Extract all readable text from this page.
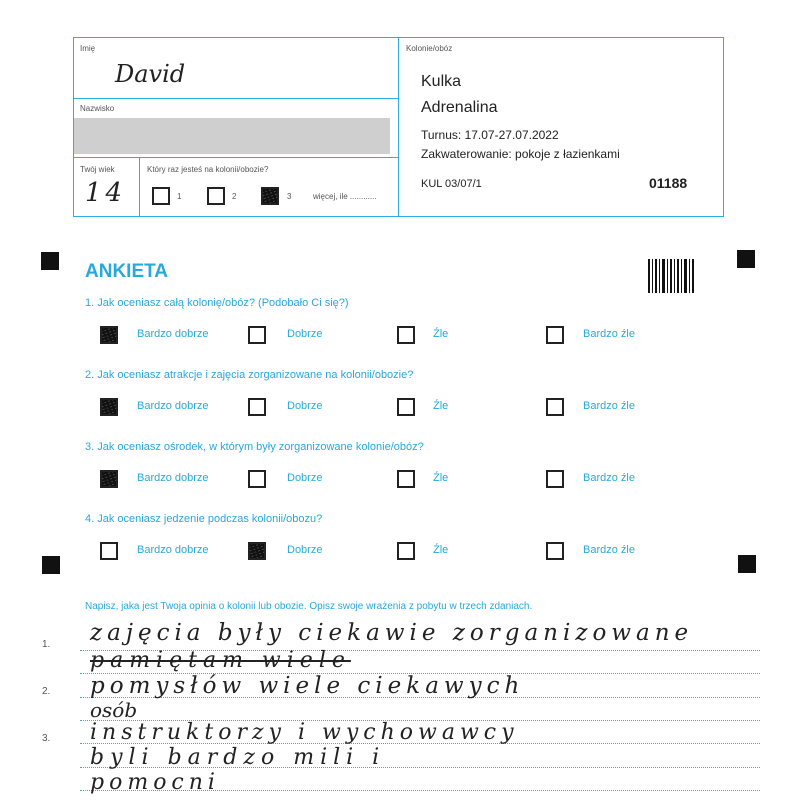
Imię
David
Nazwisko
Twój wiek
14
Który raz jesteś na kolonii/obozie?
1	2	3	więcej, ile ............
Kolonie/obóz
Kulka
Adrenalina
Turnus: 17.07-27.07.2022
Zakwaterowanie: pokoje z łazienkami
KUL 03/07/1	01188
ANKIETA
1. Jak oceniasz całą kolonię/obóz? (Podobało Ci się?)
Bardzo dobrze	Dobrze	Źle	Bardzo źle
2. Jak oceniasz atrakcje i zajęcia zorganizowane na kolonii/obozie?
Bardzo dobrze	Dobrze	Źle	Bardzo źle
3. Jak oceniasz ośrodek, w którym były zorganizowane kolonie/obóz?
Bardzo dobrze	Dobrze	Źle	Bardzo źle
4. Jak oceniasz jedzenie podczas kolonii/obozu?
Bardzo dobrze	Dobrze	Źle	Bardzo źle
Napisz, jaka jest Twoja opinia o kolonii lub obozie. Opisz swoje wrażenia z pobytu w trzech zdaniach.
1.
2.
3.
zajęcia były ciekawie zorganizowane
pamiętam wiele
pomysłów wiele ciekawych
osób
instruktorzy i wychowawcy
byli bardzo mili i
pomocni
